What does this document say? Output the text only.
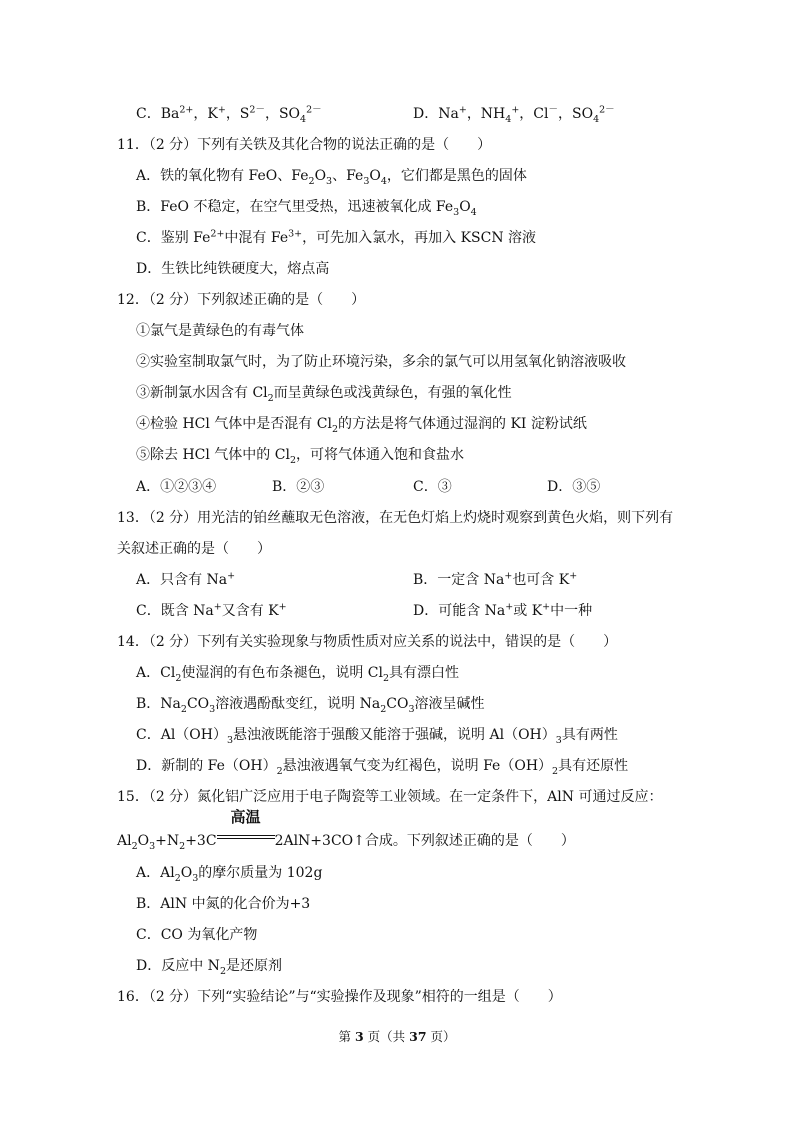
C．$Ba^{2+}$，K+，$S^{2-}$，$SO_4^{2-}$	D．Na+，$NH_4^+$，Cl－，$SO_4^{2-}$
11．（2 分）下列有关铁及其化合物的说法正确的是（　　）
A．铁的氧化物有 FeO、$Fe_2O_3$、$Fe_3O_4$，它们都是黑色的固体
B．FeO 不稳定，在空气里受热，迅速被氧化成 $Fe_3O_4$
C．鉴别 $Fe^{2+}$中混有 $Fe^{3+}$，可先加入氯水，再加入 KSCN 溶液
D．生铁比纯铁硬度大，熔点高
12．（2 分）下列叙述正确的是（　　）
①氯气是黄绿色的有毒气体
②实验室制取氯气时，为了防止环境污染，多余的氯气可以用氢氧化钠溶液吸收
③新制氯水因含有 $Cl_2$而呈黄绿色或浅黄绿色，有强的氧化性
④检验 HCl 气体中是否混有 $Cl_2$的方法是将气体通过湿润的 KI 淀粉试纸
⑤除去 HCl 气体中的 $Cl_2$，可将气体通入饱和食盐水
A．①②③④	B．②③	C．③	D．③⑤
13．（2 分）用光洁的铂丝蘸取无色溶液，在无色灯焰上灼烧时观察到黄色火焰，则下列有
关叙述正确的是（　　）
A．只含有 Na+	B．一定含 Na+也可含 K+
C．既含 Na+又含有 K+	D．可能含 Na+或 K+中一种
14．（2 分）下列有关实验现象与物质性质对应关系的说法中，错误的是（　　）
A．$Cl_2$使湿润的有色布条褪色，说明 $Cl_2$具有漂白性
B．$Na_2CO_3$溶液遇酚酞变红，说明 $Na_2CO_3$溶液呈碱性
C．$Al(OH)_3$悬浊液既能溶于强酸又能溶于强碱，说明 $Al(OH)_3$具有两性
D．新制的 $Fe(OH)_2$悬浊液遇氧气变为红褐色，说明 $Fe(OH)_2$具有还原性
15．（2 分）氮化铝广泛应用于电子陶瓷等工业领域。在一定条件下，AlN 可通过反应：
$Al_2O_3+N_2+3C$
高温
2AlN+3CO↑合成。下列叙述正确的是（　　）
A．$Al_2O_3$的摩尔质量为 102g
B．AlN 中氮的化合价为+3
C．CO 为氧化产物
D．反应中 $N_2$是还原剂
16．（2 分）下列“实验结论”与“实验操作及现象”相符的一组是（　　）
第 3 页（共 37 页）
